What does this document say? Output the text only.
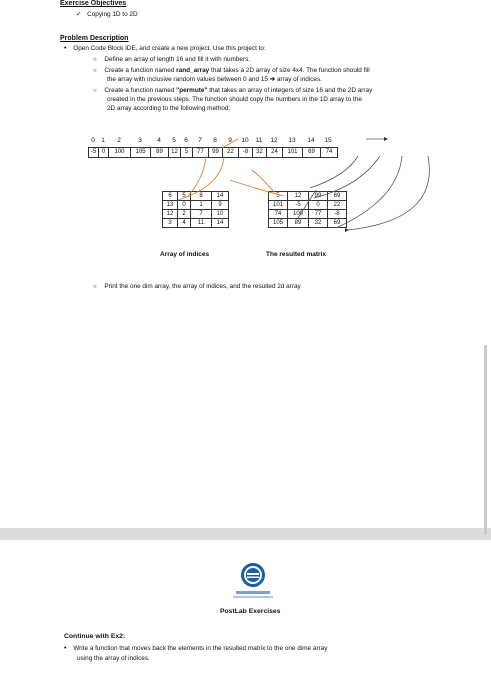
Exercise Objectives
✓ Copying 1D to 2D
Problem Description
• Open Code Block IDE, and create a new project. Use this project to:
○ Define an array of length 16 and fill it with numbers.
○ Create a function named rand_array that takes a 2D array of size 4x4. The function should fill
the array with inclusive random values between 0 and 15 ➔ array of indices.
○ Create a function named "permute" that takes an array of integers of size 16 and the 2D array
created in the previous steps. The function should copy the numbers in the 1D array to the
2D array according to the following method:
0 1	2	3	4	5	6	7	8	9	10	11	12	13	14	15
-5 0	100	105	89	12	5	77	99	22	-8	32	24	101	69	74
6	5	8	14
13	0	1	9
12	2	7	10
3	4	11	14
5	12	99	69
101	-5	0	22
74	100	77	-8
105	89	32	69
Array of indices	The resulted matrix
○ Print the one dim array, the array of indices, and the resulted 2d array
PostLab Exercises
Continue with Ex2:
• Write a function that moves back the elements in the resulted matrix to the one dime array
using the array of indices.
